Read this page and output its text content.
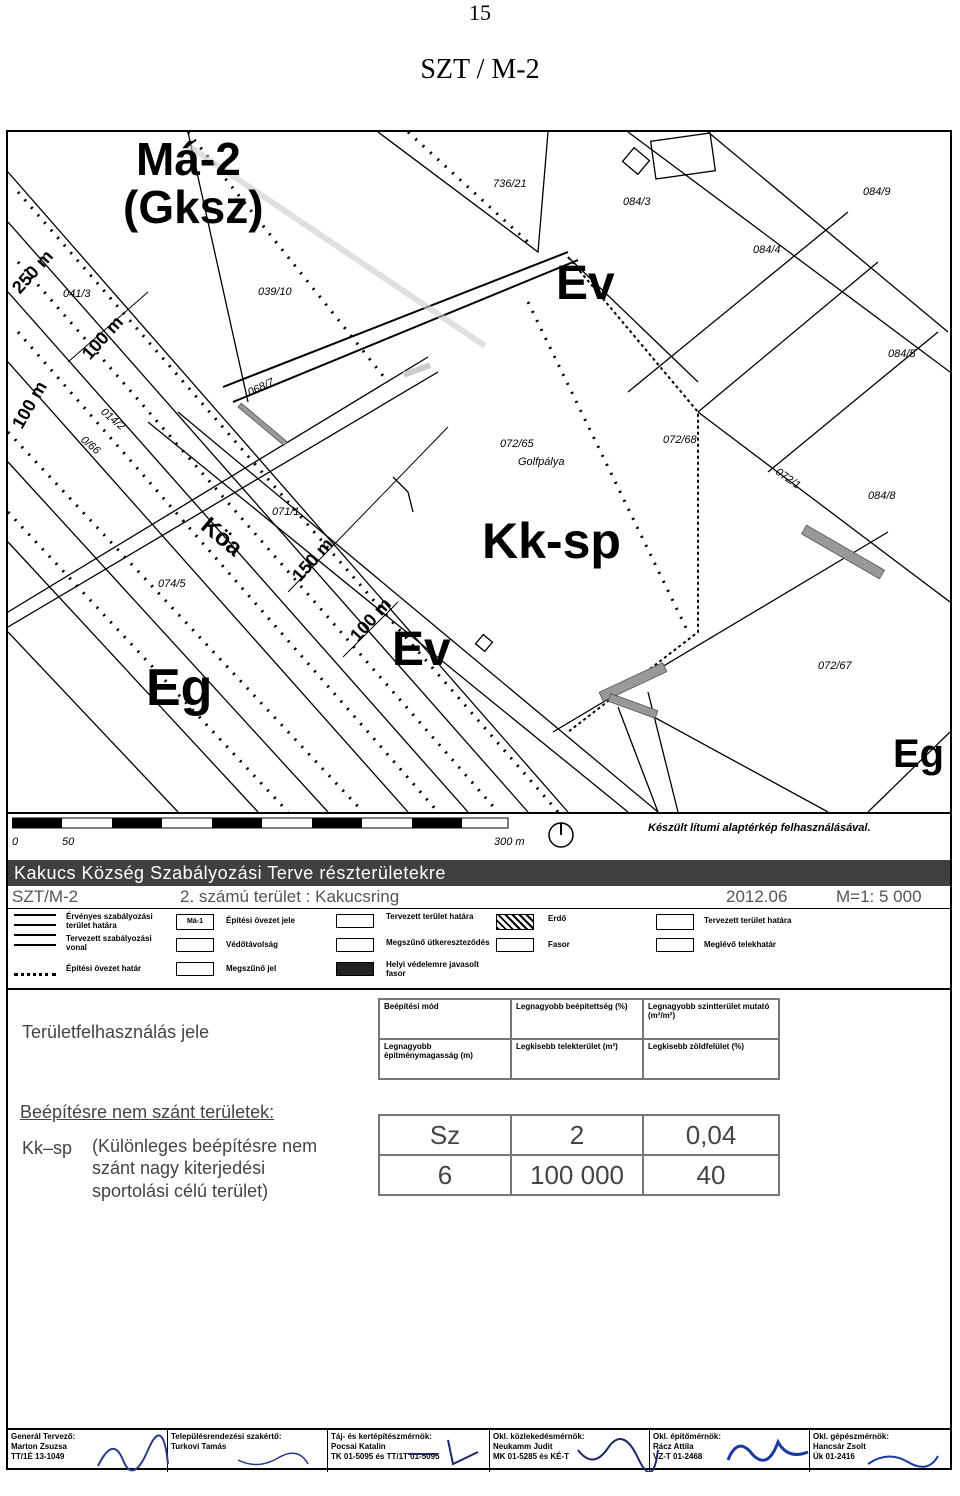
15
SZT / M-2
Má-2
(Gksz)
Ev
Kk-sp
Ev
Eg
Eg
Köa
250 m
100 m
100 m
150 m
100 m
736/21
084/3
084/9
084/4
041/3	039/10
084/5
068/7
072/65
Golfpálya
072/68
014/2
0/66
071/1
084/8
072/1
074/5
072/67
0	50	300 m
Készült lítumi alaptérkép felhasználásával.
Kakucs Község Szabályozási Terve részterületekre
SZT/M-2	2. számú terület : Kakucsring	2012.06	M=1: 5 000
Érvényes szabályozási terület határa
Tervezett szabályozási vonal
Építési övezet határ
Má-1	Építési övezet jele
Védőtávolság
Megszűnő jel
Tervezett terület határa
Megszűnő útkereszteződés
Helyi védelemre javasolt fasor
Erdő
Fasor
Tervezett terület határa
Meglévő telekhatár
Területfelhasználás jele
Beépítési mód	Legnagyobb beépítettség (%)	Legnagyobb szintterület mutató (m²/m²)
Legnagyobb építménymagasság (m)	Legkisebb telekterület (m²)	Legkisebb zöldfelület (%)
Beépítésre nem szánt területek:
Kk–sp (Különleges beépítésre nem
szánt nagy kiterjedési
sportolási célú terület)
Sz	2	0,04
6	100 000	40
Generál Tervező:
Marton Zsuzsa
TT/1É 13-1049
Településrendezési szakértő:
Turkovi Tamás
Táj- és kertépítészmérnök:
Pocsai Katalin
TK 01-5095 és TT/1T 01-5095
Okl. közlekedésmérnök:
Neukamm Judit
MK 01-5285 és KÉ-T
Okl. építőmérnök:
Rácz Attila
VZ-T 01-2468
Okl. gépészmérnök:
Hancsár Zsolt
Ük 01-2416
